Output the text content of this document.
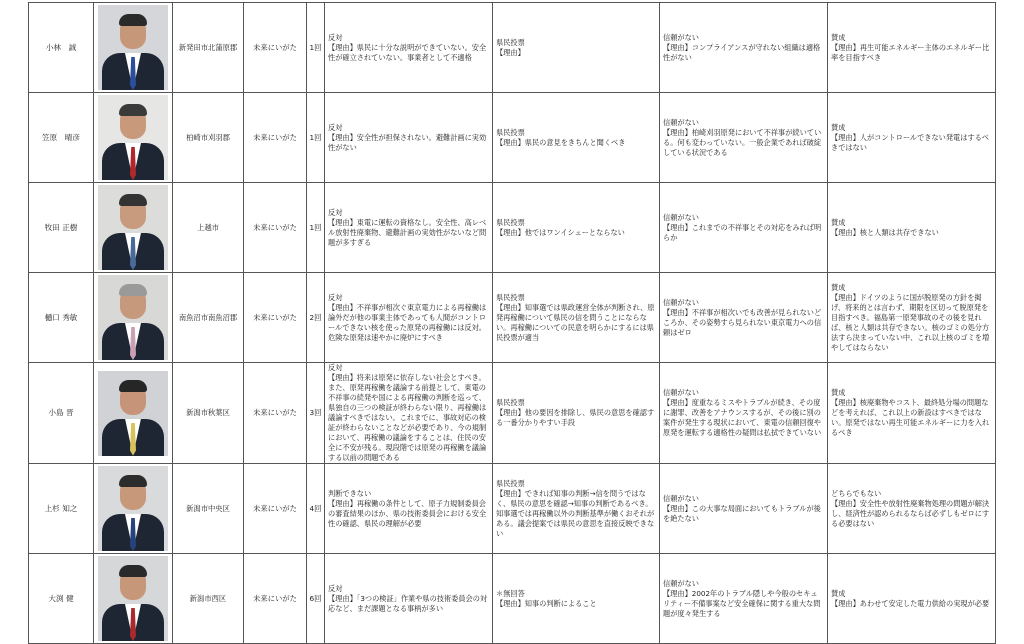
小林　誠		新発田市北蒲原郡	未来にいがた	1回	反対
【理由】県民に十分な説明ができていない。安全性が確立されていない。事業者として不適格	県民投票
【理由】	信頼がない
【理由】コンプライアンスが守れない組織は適格性がない	賛成
【理由】再生可能エネルギー主体のエネルギー比率を目指すべき

笠原　晴彦		柏崎市刈羽郡	未来にいがた	1回	反対
【理由】安全性が担保されない。避難計画に実効性がない	県民投票
【理由】県民の意見をきちんと聞くべき	信頼がない
【理由】柏崎刈羽原発において不祥事が続いている。何も変わっていない。一般企業であれば破綻している状況である	賛成
【理由】人がコントロールできない発電はするべきではない

牧田 正樹		上越市	未来にいがた	1回	反対
【理由】東電に運転の資格なし。安全性、高レベル放射性廃棄物、避難計画の実効性がないなど問題が多すぎる	県民投票
【理由】他ではワンイシューとならない	信頼がない
【理由】これまでの不祥事とその対応をみれば明らか	賛成
【理由】核と人類は共存できない

樋口 秀敏		南魚沼市南魚沼郡	未来にいがた	2回	反対
【理由】不祥事が相次ぐ東京電力による再稼働は論外だが他の事業主体であっても人間がコントロールできない核を使った原発の再稼働には反対。危険な原発は速やかに廃炉にすべき	県民投票
【理由】知事選では県政運営全体が判断され、原発再稼働について県民の信を問うことにならない。再稼働についての民意を明らかにするには県民投票が適当	信頼がない
【理由】不祥事が相次いでも改善が見られないどころか、その姿勢すら見られない東京電力への信頼はゼロ	賛成
【理由】ドイツのように国が脱原発の方針を掲げ、将来的とは言わず、期限を区切って脱原発を目指すべき。福島第一原発事故のその後を見れば、核と人類は共存できない。核のゴミの処分方法すら決まっていない中、これ以上核のゴミを増やしてはならない

小島 晋		新潟市秋葉区	未来にいがた	3回	反対
【理由】将来は原発に依存しない社会とすべき。また、原発再稼働を議論する前提として、東電の不祥事の続発や国による再稼働の判断を巡って、県独自の三つの検証が終わらない限り、再稼働は議論すべきではない。これまでに、事故対応の検証が終わらないことなどが必要であり、今の規制において、再稼働の議論をすることは、住民の安全に不安が残る。現段階では原発の再稼働を議論する以前の問題である	県民投票
【理由】他の要因を排除し、県民の意思を確認する一番分かりやすい手段	信頼がない
【理由】度重なるミスやトラブルが続き、その度に謝罪、改善をアナウンスするが、その後に別の案件が発生する現状において、東電の信頼回復や原発を運転する適格性の疑問は払拭できていない	賛成
【理由】核廃棄物やコスト、最終処分場の問題などを考えれば、これ以上の新設はすべきではない。原発ではない再生可能エネルギーに力を入れるべき

上杉 知之		新潟市中央区	未来にいがた	4回	判断できない
【理由】再稼働の条件として、原子力規制委員会の審査結果のほか、県の技術委員会における安全性の確認、県民の理解が必要	県民投票
【理由】できれば知事の判断→信を問うではなく、県民の意思を確認→知事の判断であるべき。知事選では再稼働以外の判断基準が働くおそれがある。議会提案では県民の意思を直接反映できない	信頼がない
【理由】この大事な局面においてもトラブルが後を絶たない	どちらでもない
【理由】安全性や放射性廃棄物処理の問題が解決し、経済性が認められるならば必ずしもゼロにする必要はない

大渕 健		新潟市西区	未来にいがた	6回	反対
【理由】「3つの検証」作業や県の技術委員会の対応など、まだ課題となる事柄が多い	＊無回答
【理由】知事の判断によること	信頼がない
【理由】2002年のトラブル隠しや今般のセキュリティー不備事案など安全確保に関する重大な問題が度々発生する	賛成
【理由】あわせて安定した電力供給の実現が必要
